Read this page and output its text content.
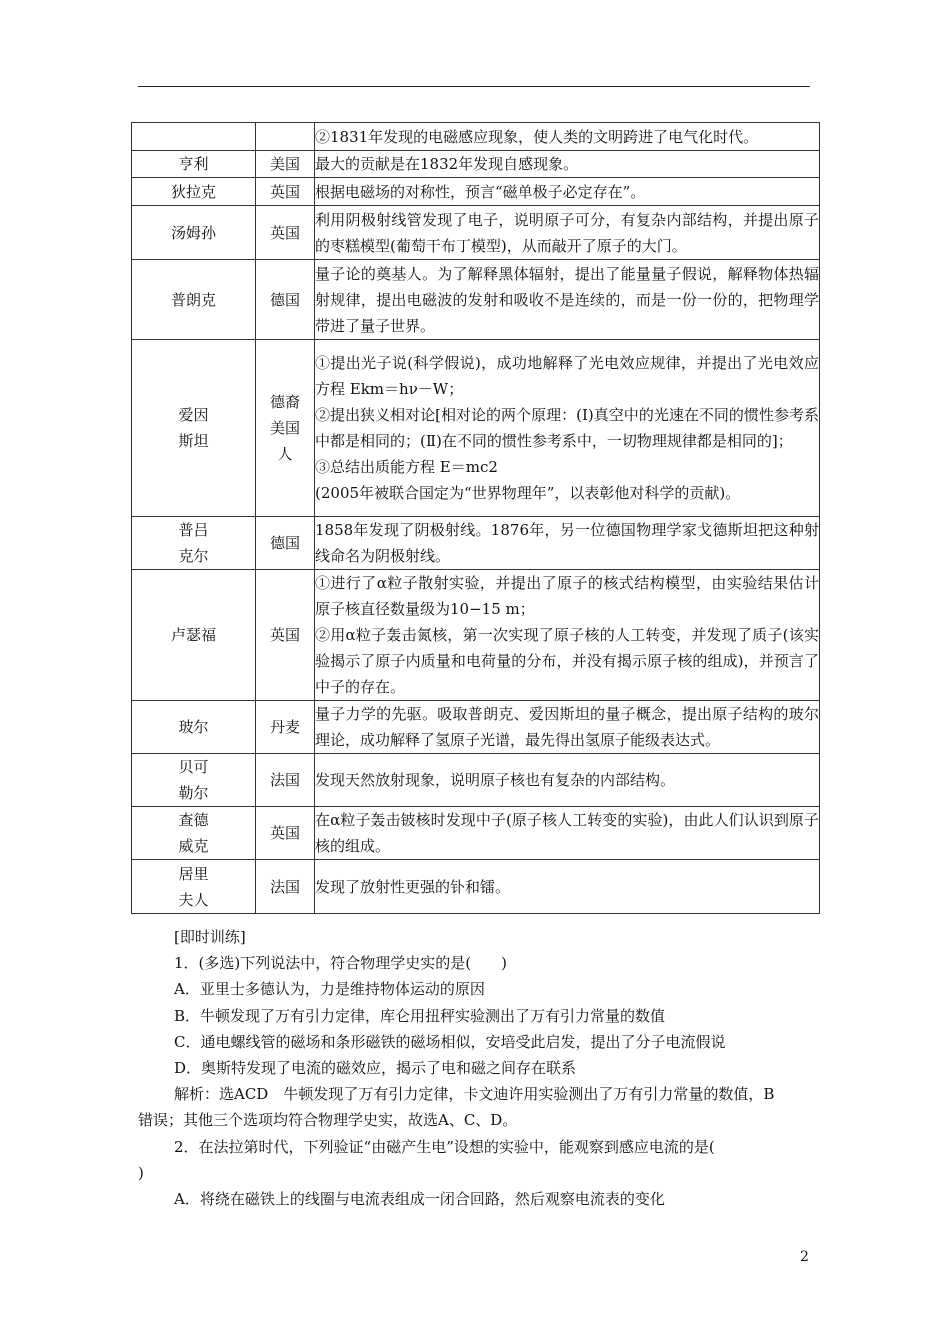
		②1831年发现的电磁感应现象，使人类的文明跨进了电气化时代。

亨利	美国	最大的贡献是在1832年发现自感现象。

狄拉克	英国	根据电磁场的对称性，预言“磁单极子必定存在”。

汤姆孙	英国	利用阴极射线管发现了电子，说明原子可分，有复杂内部结构，并提出原子的枣糕模型(葡萄干布丁模型)，从而敲开了原子的大门。

普朗克	德国	量子论的奠基人。为了解释黑体辐射，提出了能量量子假说，解释物体热辐射规律，提出电磁波的发射和吸收不是连续的，而是一份一份的，把物理学带进了量子世界。

爱因斯坦	德裔美国人	①提出光子说(科学假说)，成功地解释了光电效应规律，并提出了光电效应方程 Ekm＝hν－W；
②提出狭义相对论[相对论的两个原理：(Ⅰ)真空中的光速在不同的惯性参考系中都是相同的；(Ⅱ)在不同的惯性参考系中，一切物理规律都是相同的]；
③总结出质能方程 E＝mc2
(2005年被联合国定为“世界物理年”，以表彰他对科学的贡献)。

普吕克尔	德国	1858年发现了阴极射线。1876年，另一位德国物理学家戈德斯坦把这种射线命名为阴极射线。

卢瑟福	英国	①进行了α粒子散射实验，并提出了原子的核式结构模型，由实验结果估计原子核直径数量级为10−15 m；
②用α粒子轰击氮核，第一次实现了原子核的人工转变，并发现了质子(该实验揭示了原子内质量和电荷量的分布，并没有揭示原子核的组成)，并预言了中子的存在。

玻尔	丹麦	量子力学的先驱。吸取普朗克、爱因斯坦的量子概念，提出原子结构的玻尔理论，成功解释了氢原子光谱，最先得出氢原子能级表达式。

贝可勒尔	法国	发现天然放射现象，说明原子核也有复杂的内部结构。

查德威克	英国	在α粒子轰击铍核时发现中子(原子核人工转变的实验)，由此人们认识到原子核的组成。

居里夫人	法国	发现了放射性更强的钋和镭。

[即时训练]

1．(多选)下列说法中，符合物理学史实的是(　　)

A．亚里士多德认为，力是维持物体运动的原因

B．牛顿发现了万有引力定律，库仑用扭秤实验测出了万有引力常量的数值

C．通电螺线管的磁场和条形磁铁的磁场相似，安培受此启发，提出了分子电流假说

D．奥斯特发现了电流的磁效应，揭示了电和磁之间存在联系

解析：选ACD　牛顿发现了万有引力定律，卡文迪许用实验测出了万有引力常量的数值，B

错误；其他三个选项均符合物理学史实，故选A、C、D。

2．在法拉第时代，下列验证“由磁产生电”设想的实验中，能观察到感应电流的是(

)

A．将绕在磁铁上的线圈与电流表组成一闭合回路，然后观察电流表的变化

2
